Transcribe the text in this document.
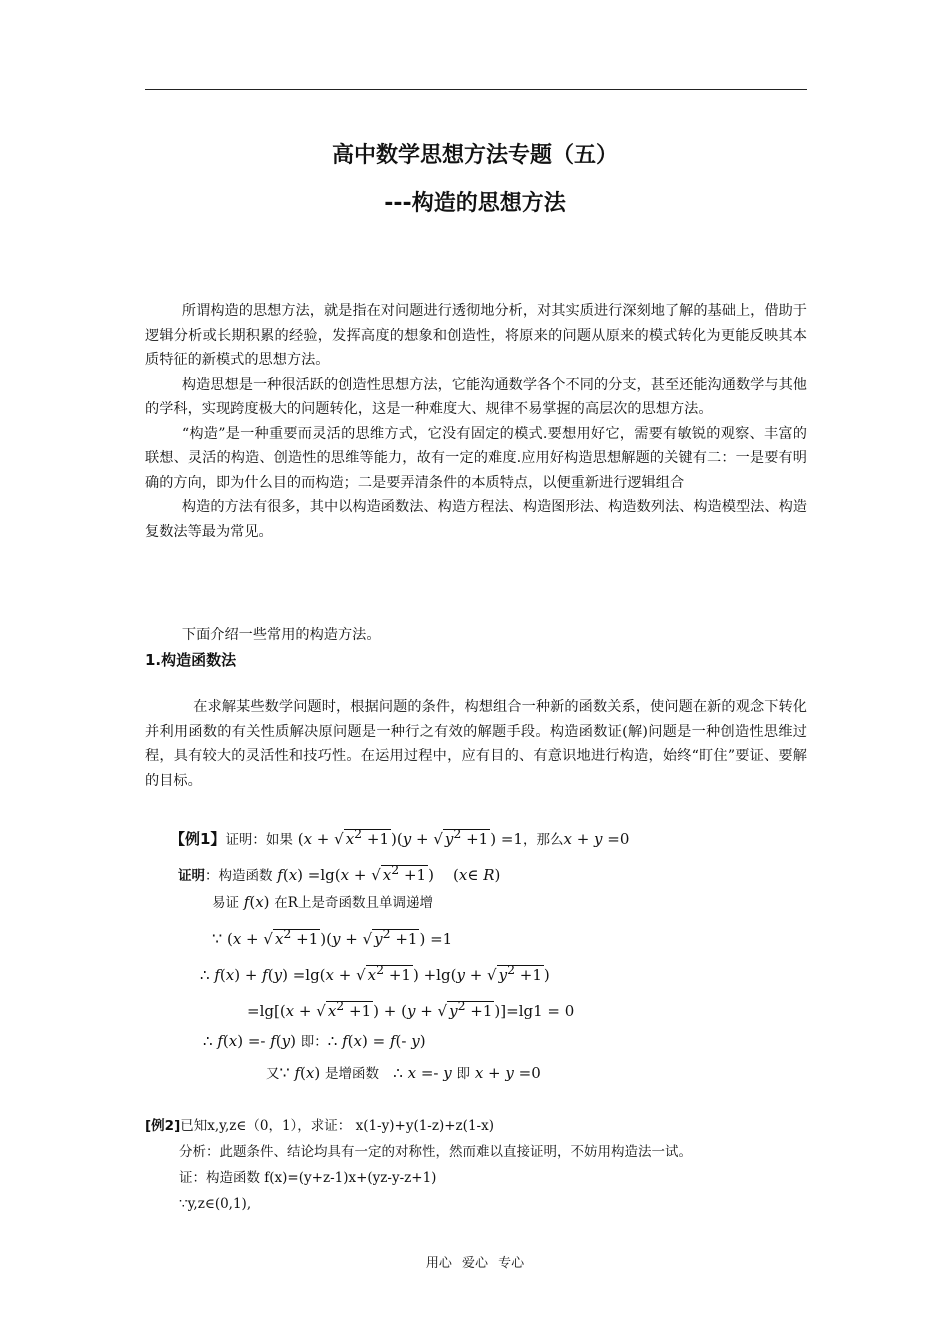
高中数学思想方法专题（五）
---构造的思想方法

所谓构造的思想方法，就是指在对问题进行透彻地分析，对其实质进行深刻地了解的基础上，借助于逻辑分析或长期积累的经验，发挥高度的想象和创造性，将原来的问题从原来的模式转化为更能反映其本质特征的新模式的思想方法。

构造思想是一种很活跃的创造性思想方法，它能沟通数学各个不同的分支，甚至还能沟通数学与其他的学科，实现跨度极大的问题转化，这是一种难度大、规律不易掌握的高层次的思想方法。

“构造”是一种重要而灵活的思维方式，它没有固定的模式.要想用好它，需要有敏锐的观察、丰富的联想、灵活的构造、创造性的思维等能力，故有一定的难度.应用好构造思想解题的关键有二：一是要有明确的方向，即为什么目的而构造；二是要弄清条件的本质特点，以便重新进行逻辑组合

构造的方法有很多，其中以构造函数法、构造方程法、构造图形法、构造数列法、构造模型法、构造复数法等最为常见。

下面介绍一些常用的构造方法。

1.构造函数法

在求解某些数学问题时，根据问题的条件，构想组合一种新的函数关系，使问题在新的观念下转化并利用函数的有关性质解决原问题是一种行之有效的解题手段。构造函数证(解)问题是一种创造性思维过程，具有较大的灵活性和技巧性。在运用过程中，应有目的、有意识地进行构造，始终“盯住”要证、要解的目标。

【例1】证明：如果 (x + √ $x^2 +1$ )(y + √ $y^2 +1$ ) =1，那么x + y =0
证明：构造函数 f(x) =lg(x + √ $x^2 +1$ )    (x∈ R)
易证 f(x) 在R上是奇函数且单调递增
∵ (x + √ $x^2 +1$ )(y + √ $y^2 +1$ ) =1
∴ f(x) + f(y) =lg(x + √ $x^2 +1$ ) +lg(y + √ $y^2 +1$ )
=lg[(x + √ $x^2 +1$ ) + (y + √ $y^2 +1$ )]=lg1 = 0
∴ f(x) =- f(y) 即：∴ f(x) = f(- y)
又∵ f(x) 是增函数   ∴ x =- y 即 x + y =0
[例2]已知x,y,z∈（0，1），求证： x(1-y)+y(1-z)+z(1-x)
分析：此题条件、结论均具有一定的对称性，然而难以直接证明，不妨用构造法一试。
证：构造函数 f(x)=(y+z-1)x+(yz-y-z+1)
∵y,z∈(0,1),
用心 爱心 专心
